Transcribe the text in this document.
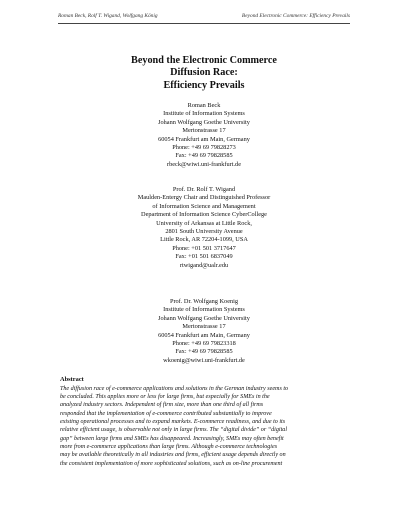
Roman Beck, Rolf T. Wigand, Wolfgang König	Beyond Electronic Commerce: Efficiency Prevails
Beyond the Electronic Commerce
Diffusion Race:
Efficiency Prevails
Roman Beck
Institute of Information Systems
Johann Wolfgang Goethe University
Mertonstrasse 17
60054 Frankfurt am Main, Germany
Phone: +49 69 79828273
Fax: +49 69 79828585
rbeck@wiwi.uni-frankfurt.de
Prof. Dr. Rolf T. Wigand
Maulden-Entergy Chair and Distinguished Professor
of Information Science and Management
Department of Information Science CyberCollege
University of Arkansas at Little Rock,
2801 South University Avenue
Little Rock, AR 72204-1099, USA
Phone: +01 501 3717647
Fax: +01 501 6837049
rtwigand@ualr.edu
Prof. Dr. Wolfgang Koenig
Institute of Information Systems
Johann Wolfgang Goethe University
Mertonstrasse 17
60054 Frankfurt am Main, Germany
Phone: +49 69 79823318
Fax: +49 69 79828585
wkoenig@wiwi.uni-frankfurt.de
Abstract
The diffusion race of e-commerce applications and solutions in the German industry seems to
be concluded. This applies more or less for large firms, but especially for SMEs in the
analyzed industry sectors. Independent of firm size, more than one third of all firms
responded that the implementation of e-commerce contributed substantially to improve
existing operational processes and to expand markets. E-commerce readiness, and due to its
relative efficient usage, is observable not only in large firms. The “digital divide” or “digital
gap” between large firms and SMEs has disappeared. Increasingly, SMEs may often benefit
more from e-commerce applications than large firms. Although e-commerce technologies
may be available theoretically in all industries and firms, efficient usage depends directly on
the consistent implementation of more sophisticated solutions, such as on-line procurement
